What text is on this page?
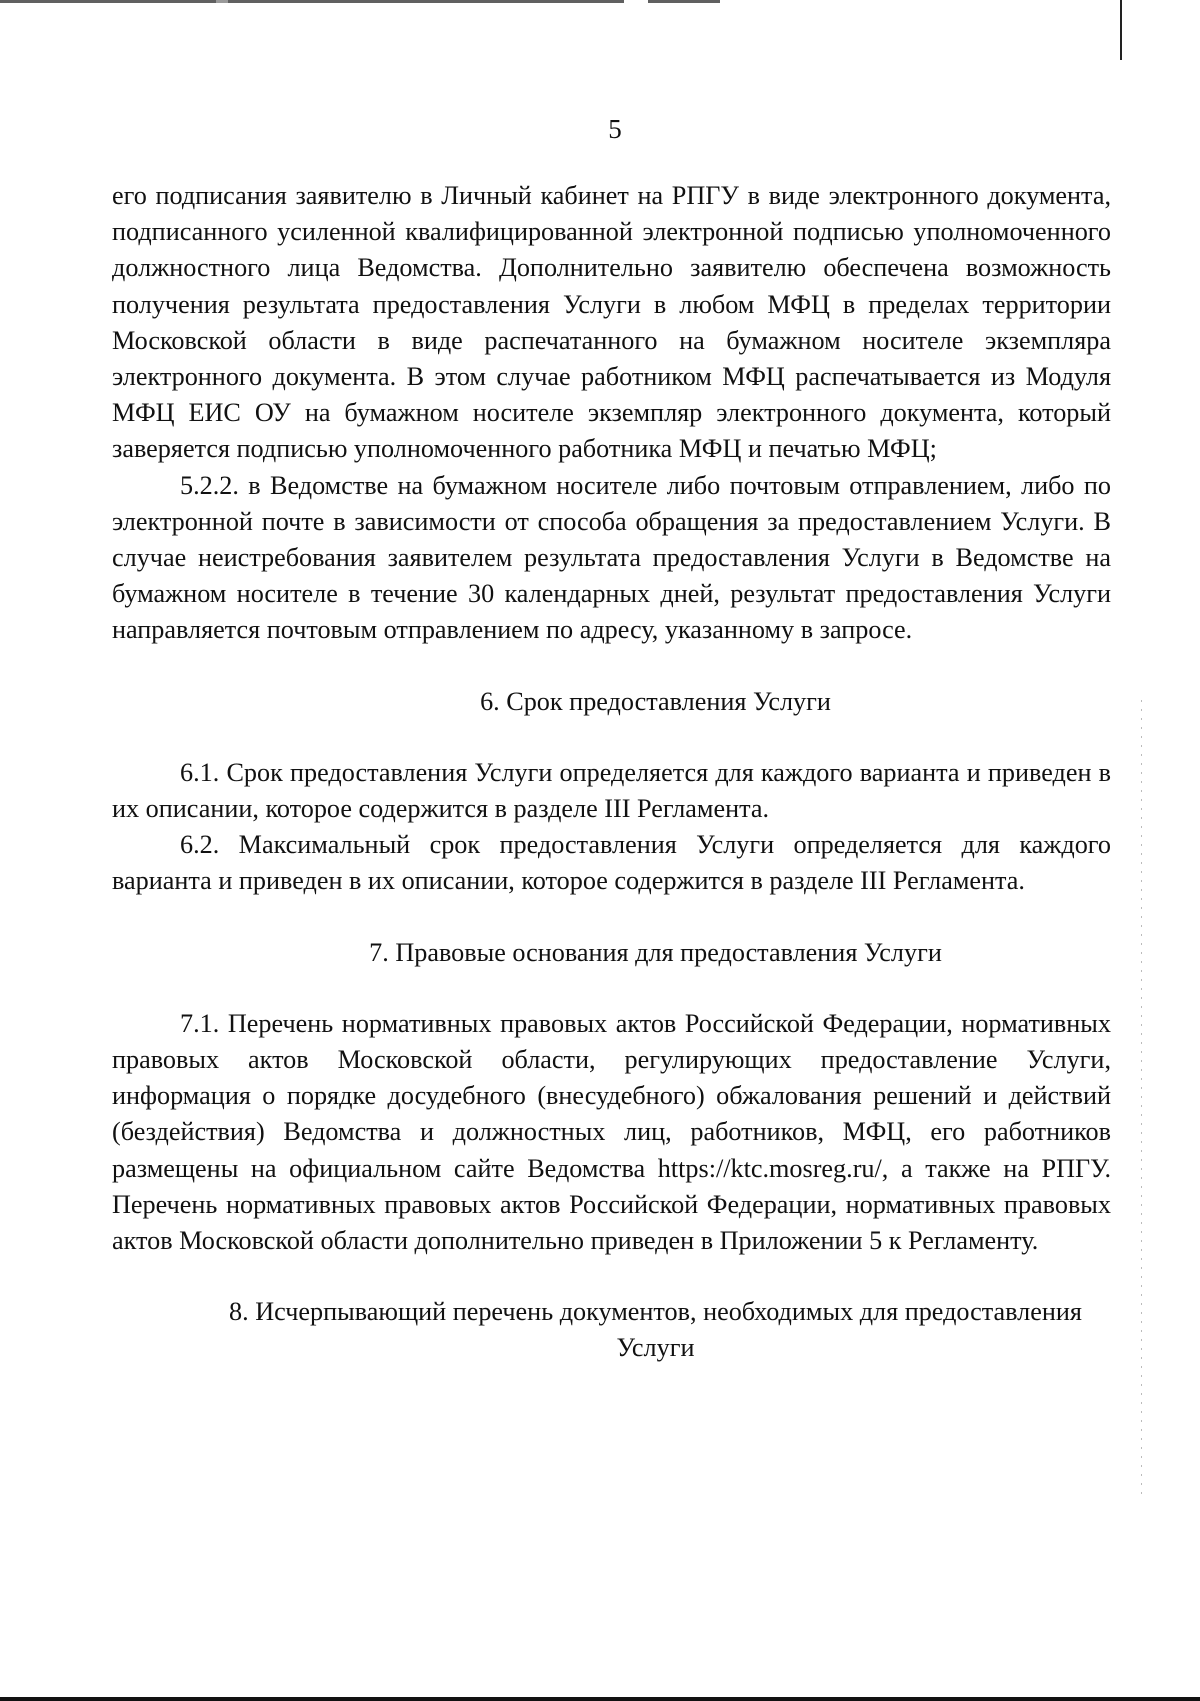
5

его подписания заявителю в Личный кабинет на РПГУ в виде электронного документа, подписанного усиленной квалифицированной электронной подписью уполномоченного должностного лица Ведомства. Дополнительно заявителю обеспечена возможность получения результата предоставления Услуги в любом МФЦ в пределах территории Московской области в виде распечатанного на бумажном носителе экземпляра электронного документа. В этом случае работником МФЦ распечатывается из Модуля МФЦ ЕИС ОУ на бумажном носителе экземпляр электронного документа, который заверяется подписью уполномоченного работника МФЦ и печатью МФЦ;

5.2.2. в Ведомстве на бумажном носителе либо почтовым отправлением, либо по электронной почте в зависимости от способа обращения за предоставлением Услуги. В случае неистребования заявителем результата предоставления Услуги в Ведомстве на бумажном носителе в течение 30 календарных дней, результат предоставления Услуги направляется почтовым отправлением по адресу, указанному в запросе.

6. Срок предоставления Услуги

6.1. Срок предоставления Услуги определяется для каждого варианта и приведен в их описании, которое содержится в разделе III Регламента.

6.2. Максимальный срок предоставления Услуги определяется для каждого варианта и приведен в их описании, которое содержится в разделе III Регламента.

7. Правовые основания для предоставления Услуги

7.1. Перечень нормативных правовых актов Российской Федерации, нормативных правовых актов Московской области, регулирующих предоставление Услуги, информация о порядке досудебного (внесудебного) обжалования решений и действий (бездействия) Ведомства и должностных лиц, работников, МФЦ, его работников размещены на официальном сайте Ведомства https://ktc.mosreg.ru/, а также на РПГУ. Перечень нормативных правовых актов Российской Федерации, нормативных правовых актов Московской области дополнительно приведен в Приложении 5 к Регламенту.

8. Исчерпывающий перечень документов, необходимых для предоставления
Услуги
